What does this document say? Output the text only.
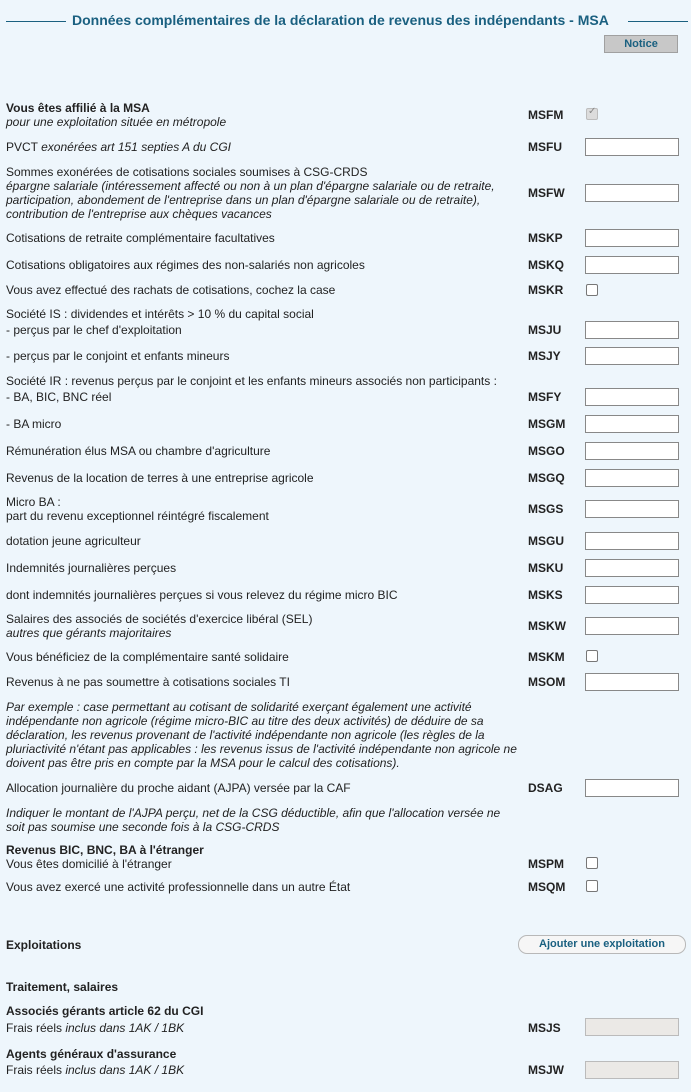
Données complémentaires de la déclaration de revenus des indépendants - MSA
Notice
Vous êtes affilié à la MSA
pour une exploitation située en métropole	MSFM
✓
PVCT exonérées art 151 septies A du CGI	MSFU
Sommes exonérées de cotisations sociales soumises à CSG-CRDS
épargne salariale (intéressement affecté ou non à un plan d'épargne salariale ou de retraite,
participation, abondement de l'entreprise dans un plan d'épargne salariale ou de retraite),
contribution de l'entreprise aux chèques vacances
MSFW
Cotisations de retraite complémentaire facultatives	MSKP
Cotisations obligatoires aux régimes des non-salariés non agricoles	MSKQ
Vous avez effectué des rachats de cotisations, cochez la case	MSKR
Société IS : dividendes et intérêts > 10 % du capital social
- perçus par le chef d'exploitation	MSJU
- perçus par le conjoint et enfants mineurs	MSJY
Société IR : revenus perçus par le conjoint et les enfants mineurs associés non participants :
- BA, BIC, BNC réel	MSFY
- BA micro	MSGM
Rémunération élus MSA ou chambre d'agriculture	MSGO
Revenus de la location de terres à une entreprise agricole	MSGQ
Micro BA :
part du revenu exceptionnel réintégré fiscalement	MSGS
dotation jeune agriculteur	MSGU
Indemnités journalières perçues	MSKU
dont indemnités journalières perçues si vous relevez du régime micro BIC	MSKS
Salaires des associés de sociétés d'exercice libéral (SEL)
autres que gérants majoritaires	MSKW
Vous bénéficiez de la complémentaire santé solidaire	MSKM
Revenus à ne pas soumettre à cotisations sociales TI	MSOM
Par exemple : case permettant au cotisant de solidarité exerçant également une activité
indépendante non agricole (régime micro-BIC au titre des deux activités) de déduire de sa
déclaration, les revenus provenant de l'activité indépendante non agricole (les règles de la
pluriactivité n'étant pas applicables : les revenus issus de l'activité indépendante non agricole ne
doivent pas être pris en compte par la MSA pour le calcul des cotisations).
Allocation journalière du proche aidant (AJPA) versée par la CAF	DSAG
Indiquer le montant de l'AJPA perçu, net de la CSG déductible, afin que l'allocation versée ne
soit pas soumise une seconde fois à la CSG-CRDS
Revenus BIC, BNC, BA à l'étranger
Vous êtes domicilié à l'étranger	MSPM
Vous avez exercé une activité professionnelle dans un autre État	MSQM
Exploitations	Ajouter une exploitation
Traitement, salaires
Associés gérants article 62 du CGI
Frais réels inclus dans 1AK / 1BK	MSJS
Agents généraux d'assurance
Frais réels inclus dans 1AK / 1BK	MSJW
